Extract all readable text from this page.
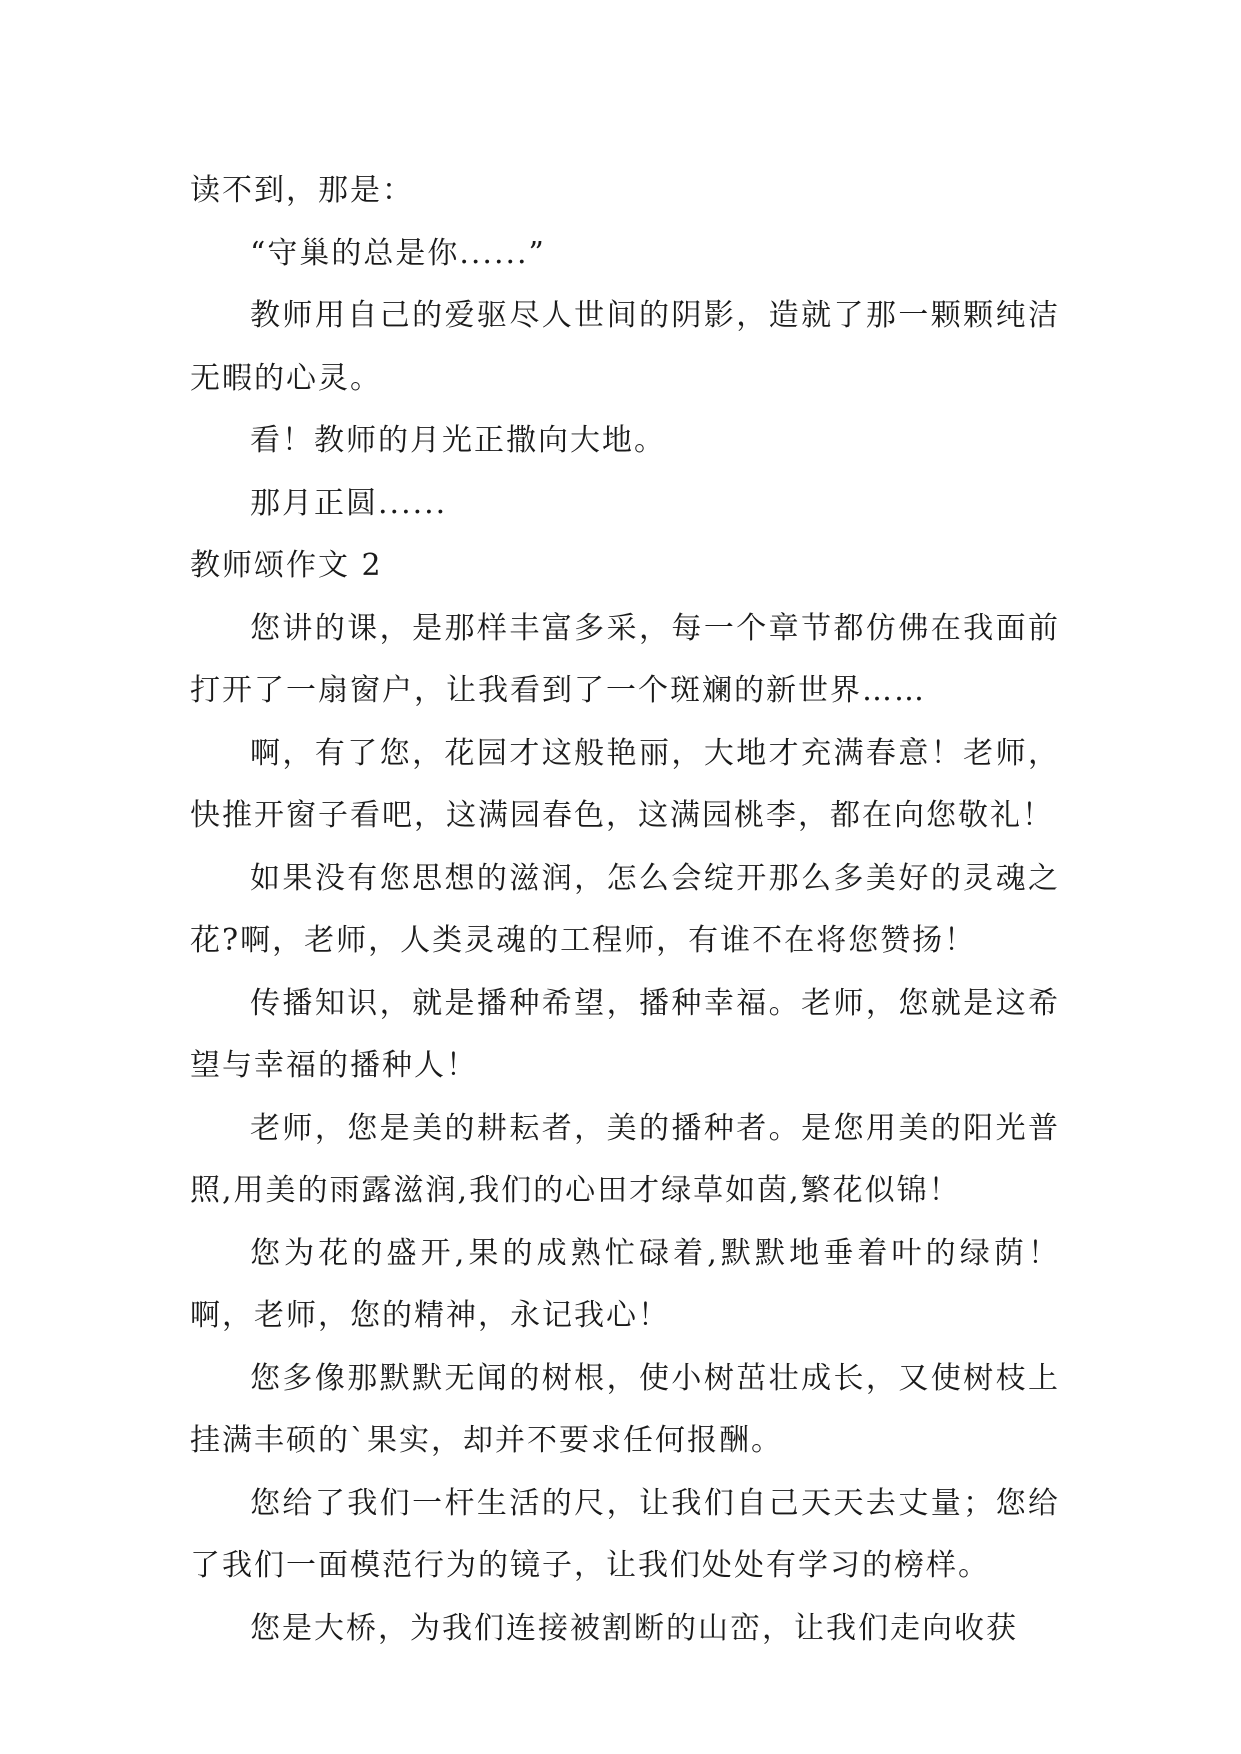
读不到，那是：

“守巢的总是你......”

教师用自己的爱驱尽人世间的阴影，造就了那一颗颗纯洁无暇的心灵。

看！教师的月光正撒向大地。

那月正圆......

教师颂作文 2

您讲的课，是那样丰富多采，每一个章节都仿佛在我面前打开了一扇窗户，让我看到了一个斑斓的新世界……

啊，有了您，花园才这般艳丽，大地才充满春意！老师，快推开窗子看吧，这满园春色，这满园桃李，都在向您敬礼！

如果没有您思想的滋润，怎么会绽开那么多美好的灵魂之花?啊，老师，人类灵魂的工程师，有谁不在将您赞扬！

传播知识，就是播种希望，播种幸福。老师，您就是这希望与幸福的播种人！

老师，您是美的耕耘者，美的播种者。是您用美的阳光普照,用美的雨露滋润,我们的心田才绿草如茵,繁花似锦！

您为花的盛开,果的成熟忙碌着,默默地垂着叶的绿荫！啊，老师，您的精神，永记我心！

您多像那默默无闻的树根，使小树茁壮成长，又使树枝上挂满丰硕的`果实，却并不要求任何报酬。

您给了我们一杆生活的尺，让我们自己天天去丈量；您给了我们一面模范行为的镜子，让我们处处有学习的榜样。

您是大桥，为我们连接被割断的山峦，让我们走向收获
